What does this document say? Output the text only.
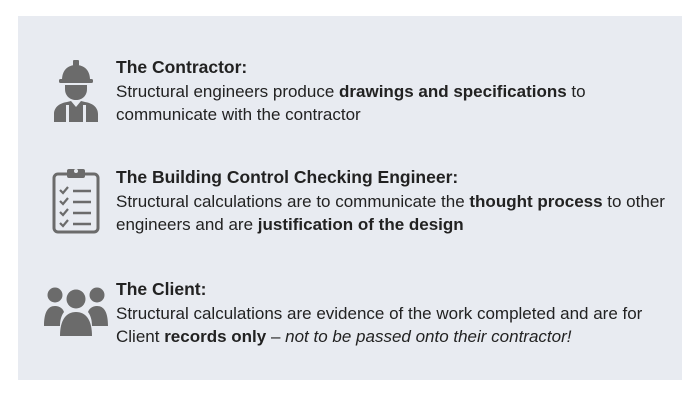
The Contractor:

Structural engineers produce drawings and specifications to communicate with the contractor

The Building Control Checking Engineer:

Structural calculations are to communicate the thought process to other engineers and are justification of the design

The Client:

Structural calculations are evidence of the work completed and are for Client records only – not to be passed onto their contractor!
